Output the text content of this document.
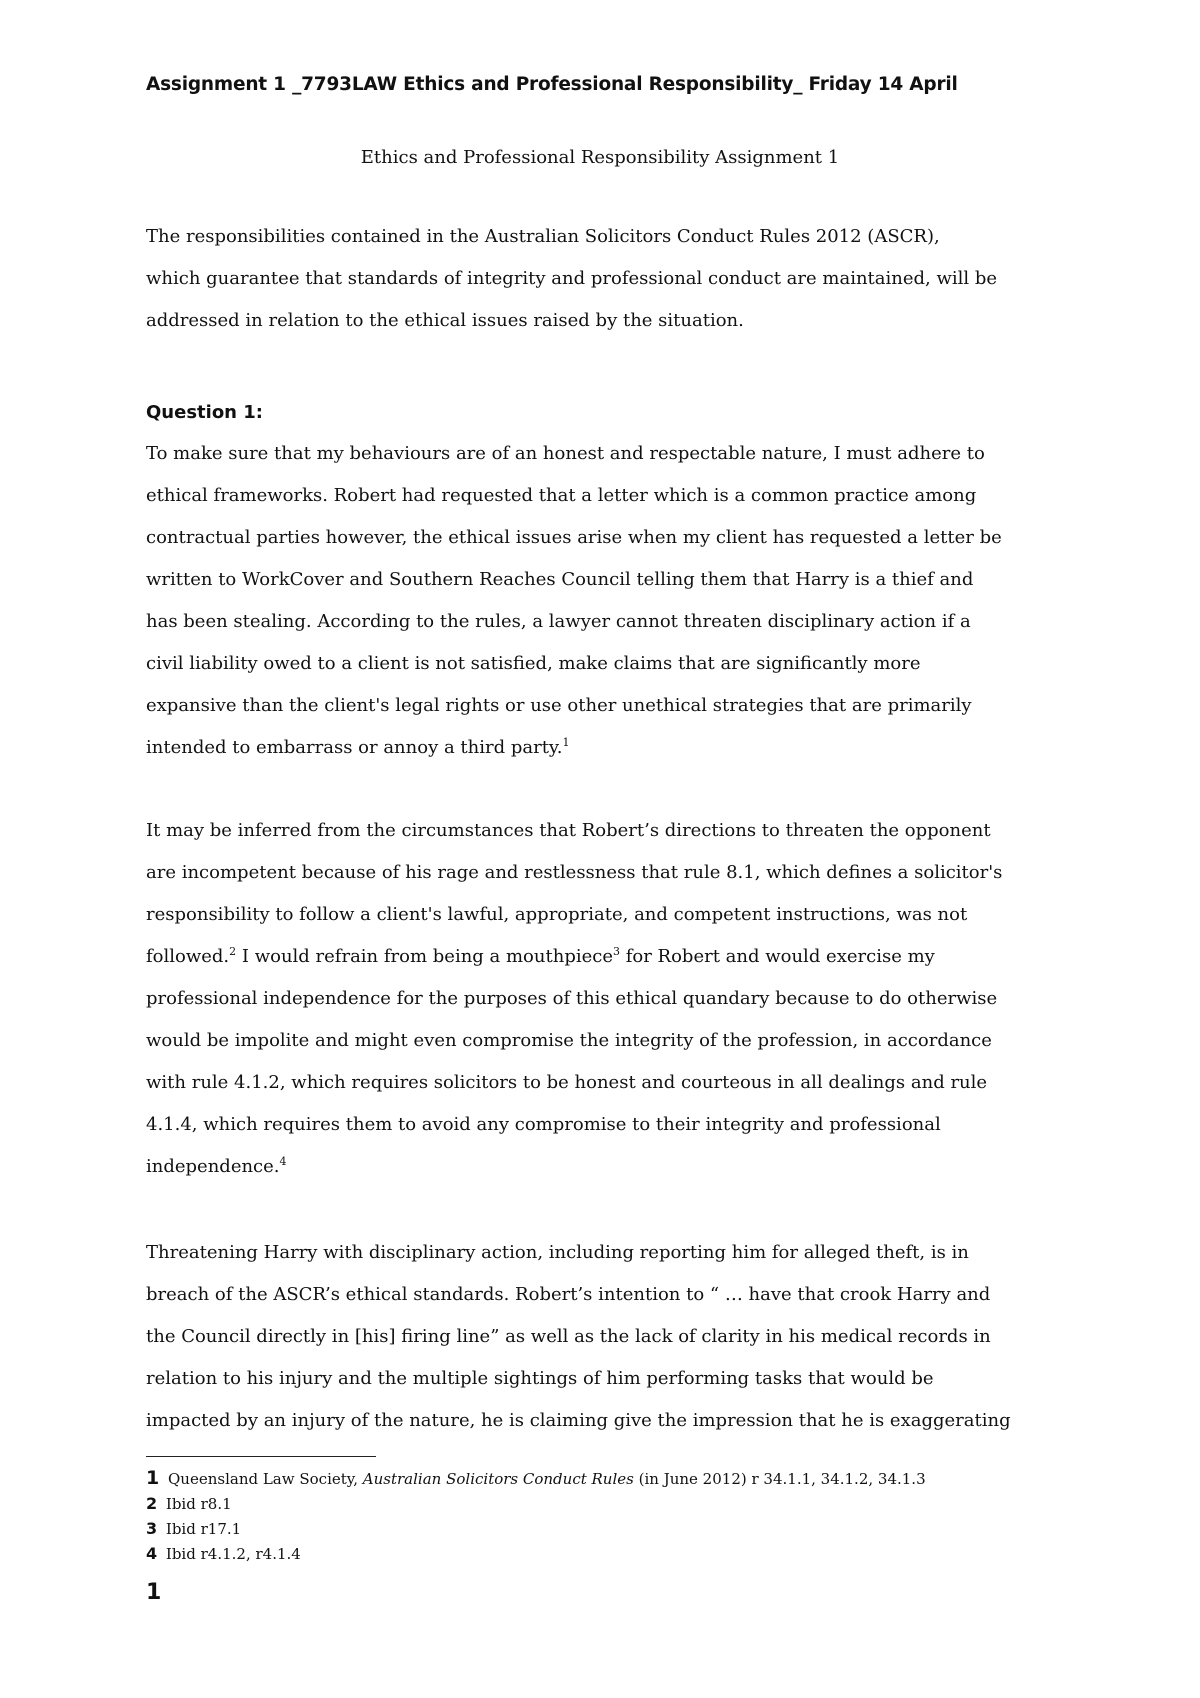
Assignment 1 _7793LAW Ethics and Professional Responsibility_ Friday 14 April
Ethics and Professional Responsibility Assignment 1
The responsibilities contained in the Australian Solicitors Conduct Rules 2012 (ASCR),
which guarantee that standards of integrity and professional conduct are maintained, will be
addressed in relation to the ethical issues raised by the situation.
Question 1:
To make sure that my behaviours are of an honest and respectable nature, I must adhere to
ethical frameworks. Robert had requested that a letter which is a common practice among
contractual parties however, the ethical issues arise when my client has requested a letter be
written to WorkCover and Southern Reaches Council telling them that Harry is a thief and
has been stealing. According to the rules, a lawyer cannot threaten disciplinary action if a
civil liability owed to a client is not satisfied, make claims that are significantly more
expansive than the client's legal rights or use other unethical strategies that are primarily
intended to embarrass or annoy a third party.$^1$
It may be inferred from the circumstances that Robert’s directions to threaten the opponent
are incompetent because of his rage and restlessness that rule 8.1, which defines a solicitor's
responsibility to follow a client's lawful, appropriate, and competent instructions, was not
followed.$^2$ I would refrain from being a mouthpiece$^3$ for Robert and would exercise my
professional independence for the purposes of this ethical quandary because to do otherwise
would be impolite and might even compromise the integrity of the profession, in accordance
with rule 4.1.2, which requires solicitors to be honest and courteous in all dealings and rule
4.1.4, which requires them to avoid any compromise to their integrity and professional
independence.$^4$
Threatening Harry with disciplinary action, including reporting him for alleged theft, is in
breach of the ASCR’s ethical standards. Robert’s intention to “ … have that crook Harry and
the Council directly in [his] firing line” as well as the lack of clarity in his medical records in
relation to his injury and the multiple sightings of him performing tasks that would be
impacted by an injury of the nature, he is claiming give the impression that he is exaggerating
1 Queensland Law Society, Australian Solicitors Conduct Rules (in June 2012) r 34.1.1, 34.1.2, 34.1.3
2 Ibid r8.1
3 Ibid r17.1
4 Ibid r4.1.2, r4.1.4
1
